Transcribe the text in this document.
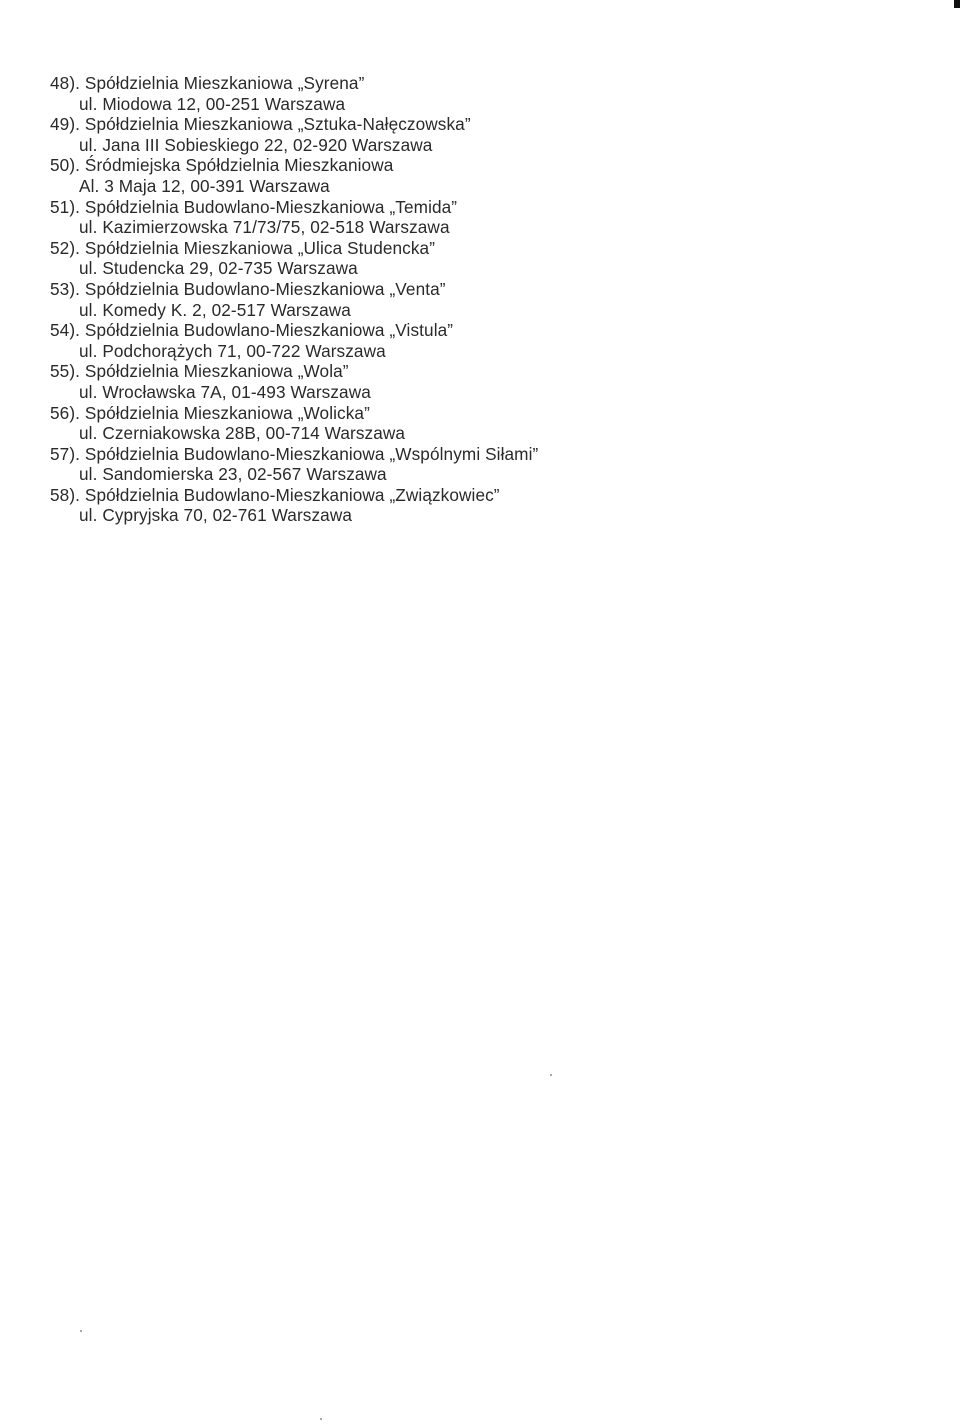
48). Spółdzielnia Mieszkaniowa „Syrena”
ul. Miodowa 12, 00-251 Warszawa
49). Spółdzielnia Mieszkaniowa „Sztuka-Nałęczowska”
ul. Jana III Sobieskiego 22, 02-920 Warszawa
50). Śródmiejska Spółdzielnia Mieszkaniowa
Al. 3 Maja 12, 00-391 Warszawa
51). Spółdzielnia Budowlano-Mieszkaniowa „Temida”
ul. Kazimierzowska 71/73/75, 02-518 Warszawa
52). Spółdzielnia Mieszkaniowa „Ulica Studencka”
ul. Studencka 29, 02-735 Warszawa
53). Spółdzielnia Budowlano-Mieszkaniowa „Venta”
ul. Komedy K. 2, 02-517 Warszawa
54). Spółdzielnia Budowlano-Mieszkaniowa „Vistula”
ul. Podchorążych 71, 00-722 Warszawa
55). Spółdzielnia Mieszkaniowa „Wola”
ul. Wrocławska 7A, 01-493 Warszawa
56). Spółdzielnia Mieszkaniowa „Wolicka”
ul. Czerniakowska 28B, 00-714 Warszawa
57). Spółdzielnia Budowlano-Mieszkaniowa „Wspólnymi Siłami”
ul. Sandomierska 23, 02-567 Warszawa
58). Spółdzielnia Budowlano-Mieszkaniowa „Związkowiec”
ul. Cypryjska 70, 02-761 Warszawa
